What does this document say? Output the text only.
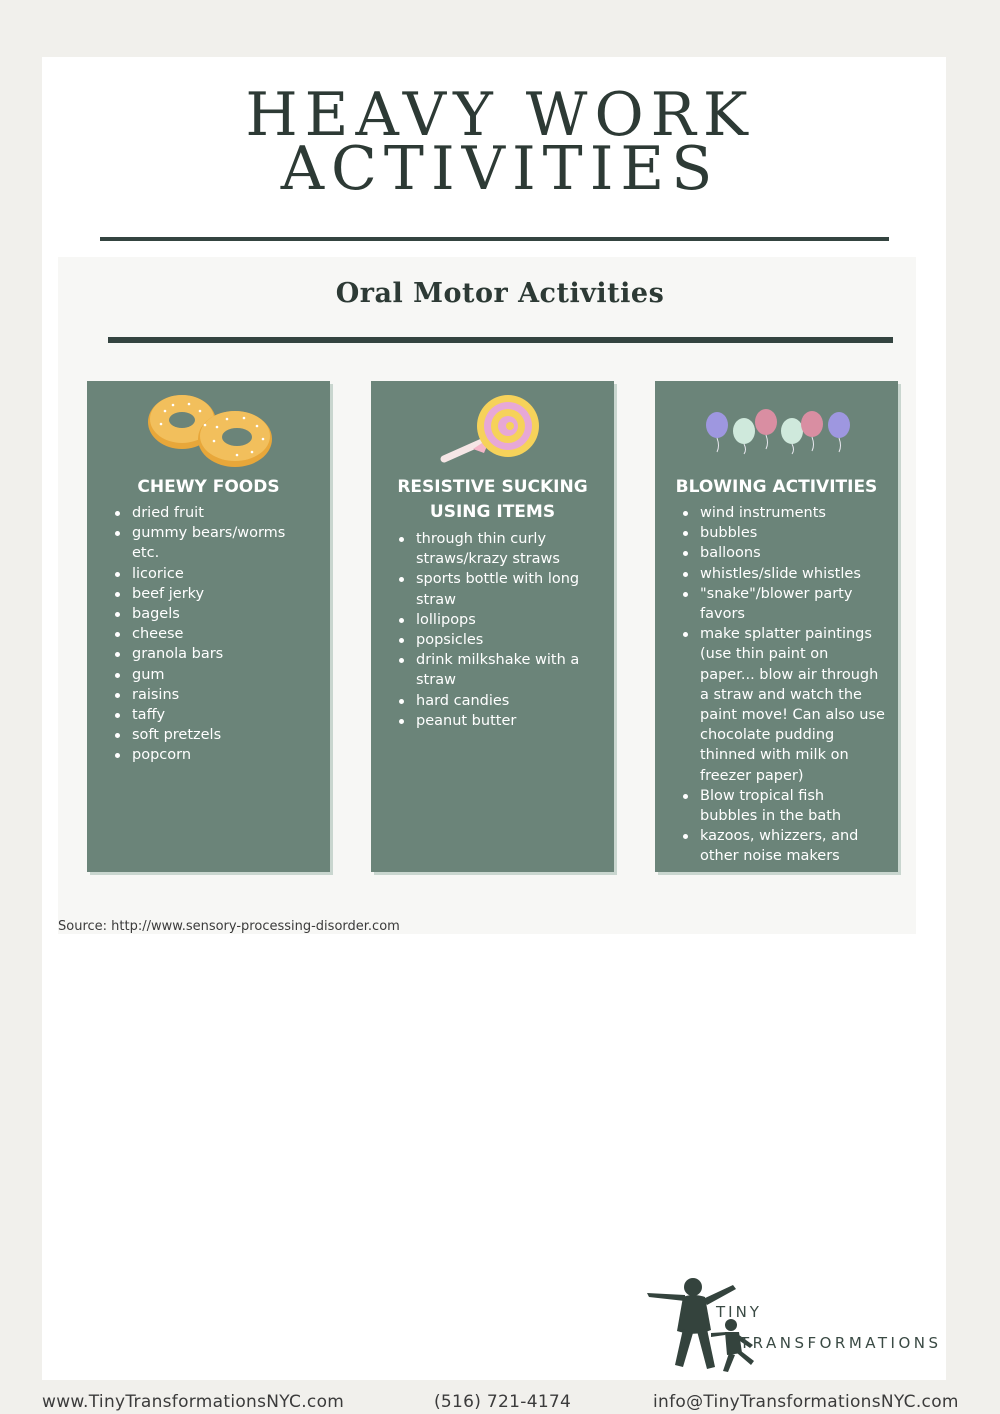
HEAVY WORK
ACTIVITIES
Oral Motor Activities
CHEWY FOODS
dried fruit
gummy bears/worms etc.
licorice
beef jerky
bagels
cheese
granola bars
gum
raisins
taffy
soft pretzels
popcorn
RESISTIVE SUCKING
USING ITEMS
through thin curly straws/krazy straws
sports bottle with long straw
lollipops
popsicles
drink milkshake with a straw
hard candies
peanut butter
BLOWING ACTIVITIES
wind instruments
bubbles
balloons
whistles/slide whistles
"snake"/blower party favors
make splatter paintings (use thin paint on paper... blow air through a straw and watch the paint move! Can also use chocolate pudding thinned with milk on freezer paper)
Blow tropical fish bubbles in the bath
kazoos, whizzers, and other noise makers
Source: http://www.sensory-processing-disorder.com
TINY
TRANSFORMATIONS
www.TinyTransformationsNYC.com	(516) 721-4174	info@TinyTransformationsNYC.com
